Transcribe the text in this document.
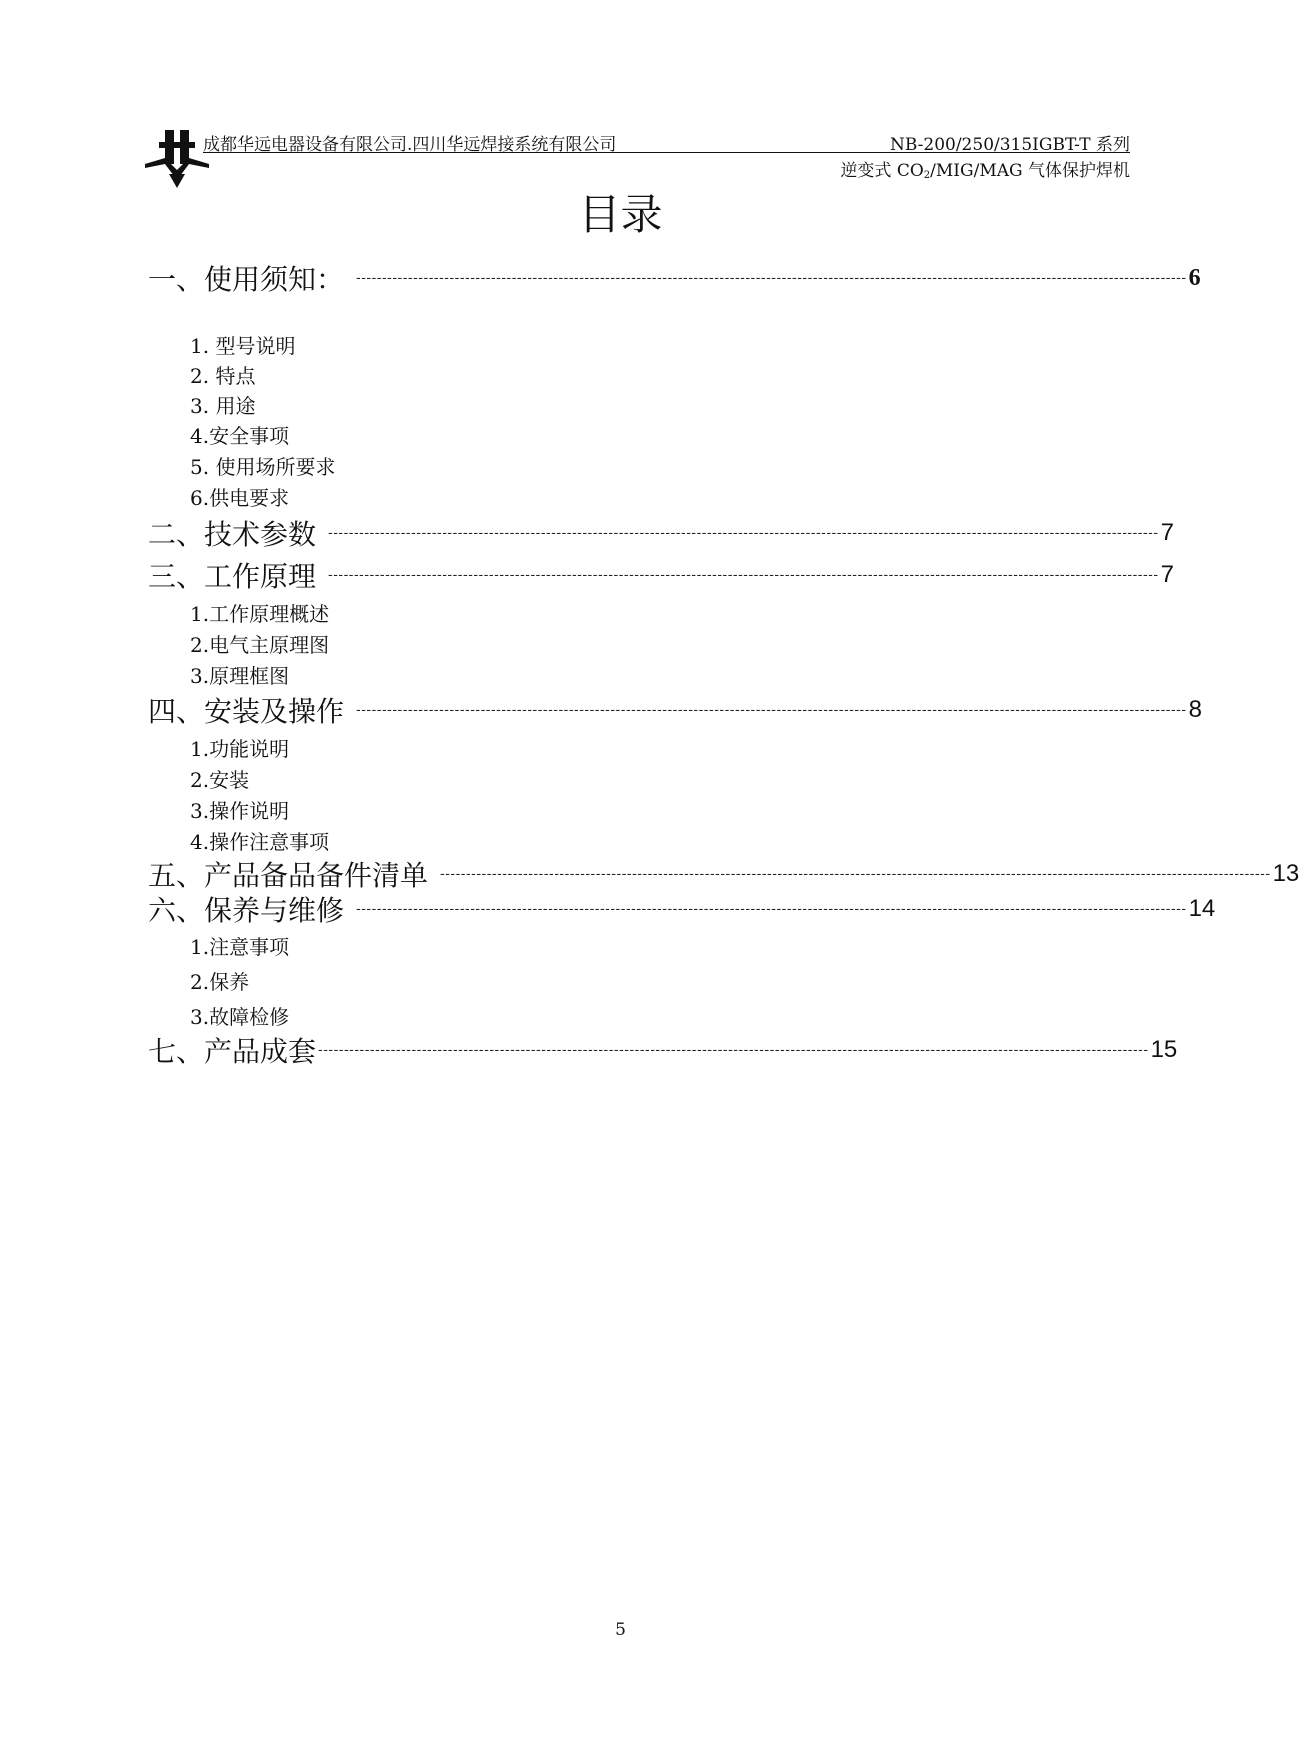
成都华远电器设备有限公司.四川华远焊接系统有限公司	NB-200/250/315IGBT-T 系列
逆变式 $CO_2/MIG$/MAG 气体保护焊机
目录
一、使用须知： ---------------------------------------------------------------------------------------------------------------------------------------------------------------- 6
1. 型号说明
2. 特点
3. 用途
4.安全事项
5. 使用场所要求
6.供电要求
二、技术参数 ---------------------------------------------------------------------------------------------------------------------------------------------------------------- 7
三、工作原理 ---------------------------------------------------------------------------------------------------------------------------------------------------------------- 7
1.工作原理概述
2.电气主原理图
3.原理框图
四、安装及操作 ---------------------------------------------------------------------------------------------------------------------------------------------------------------- 8
1.功能说明
2.安装
3.操作说明
4.操作注意事项
五、产品备品备件清单 ---------------------------------------------------------------------------------------------------------------------------------------------------------------- 13
六、保养与维修 ---------------------------------------------------------------------------------------------------------------------------------------------------------------- 14
1.注意事项
2.保养
3.故障检修
七、产品成套 ---------------------------------------------------------------------------------------------------------------------------------------------------------------- 15
5
